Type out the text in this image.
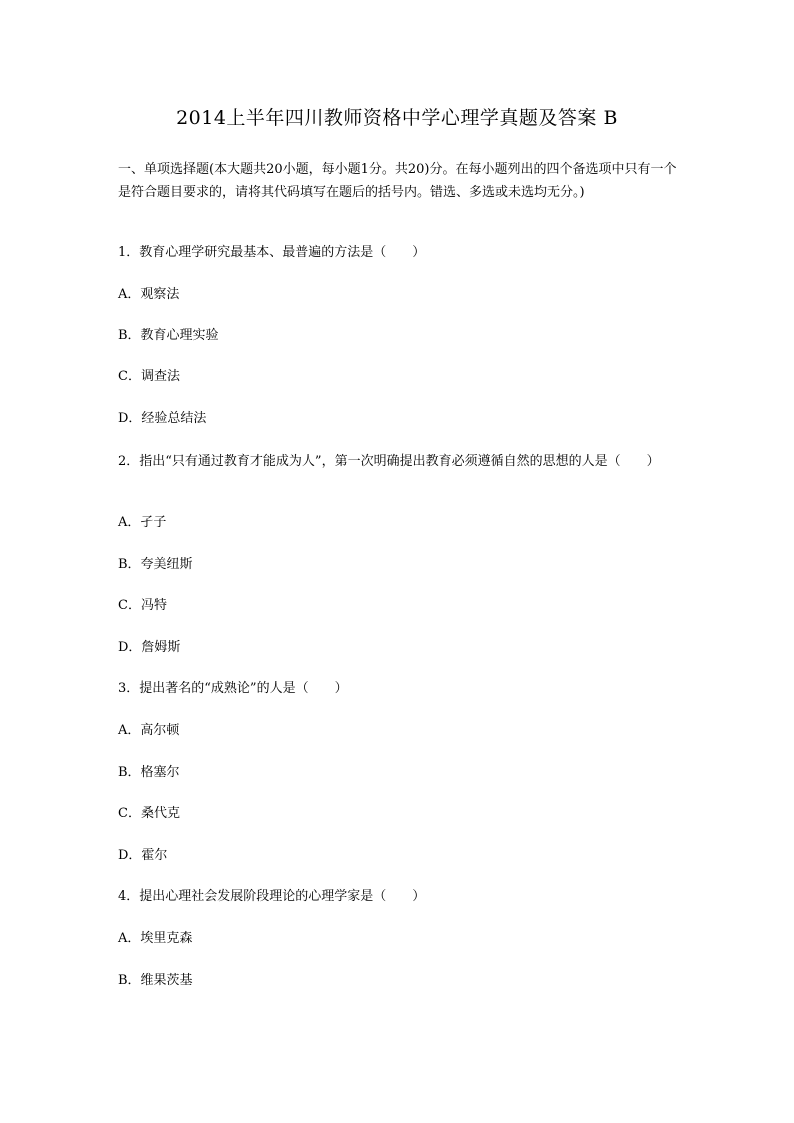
2014上半年四川教师资格中学心理学真题及答案 B
一、单项选择题(本大题共20小题，每小题1分。共20)分。在每小题列出的四个备选项中只有一个是符合题目要求的，请将其代码填写在题后的括号内。错选、多选或未选均无分。)
1．教育心理学研究最基本、最普遍的方法是（　　）
A．观察法
B．教育心理实验
C．调查法
D．经验总结法
2．指出“只有通过教育才能成为人”，第一次明确提出教育必须遵循自然的思想的人是（　　）
A．孑子
B．夸美纽斯
C．冯特
D．詹姆斯
3．提出著名的“成熟论”的人是（　　）
A．高尔顿
B．格塞尔
C．桑代克
D．霍尔
4．提出心理社会发展阶段理论的心理学家是（　　）
A．埃里克森
B．维果茨基
